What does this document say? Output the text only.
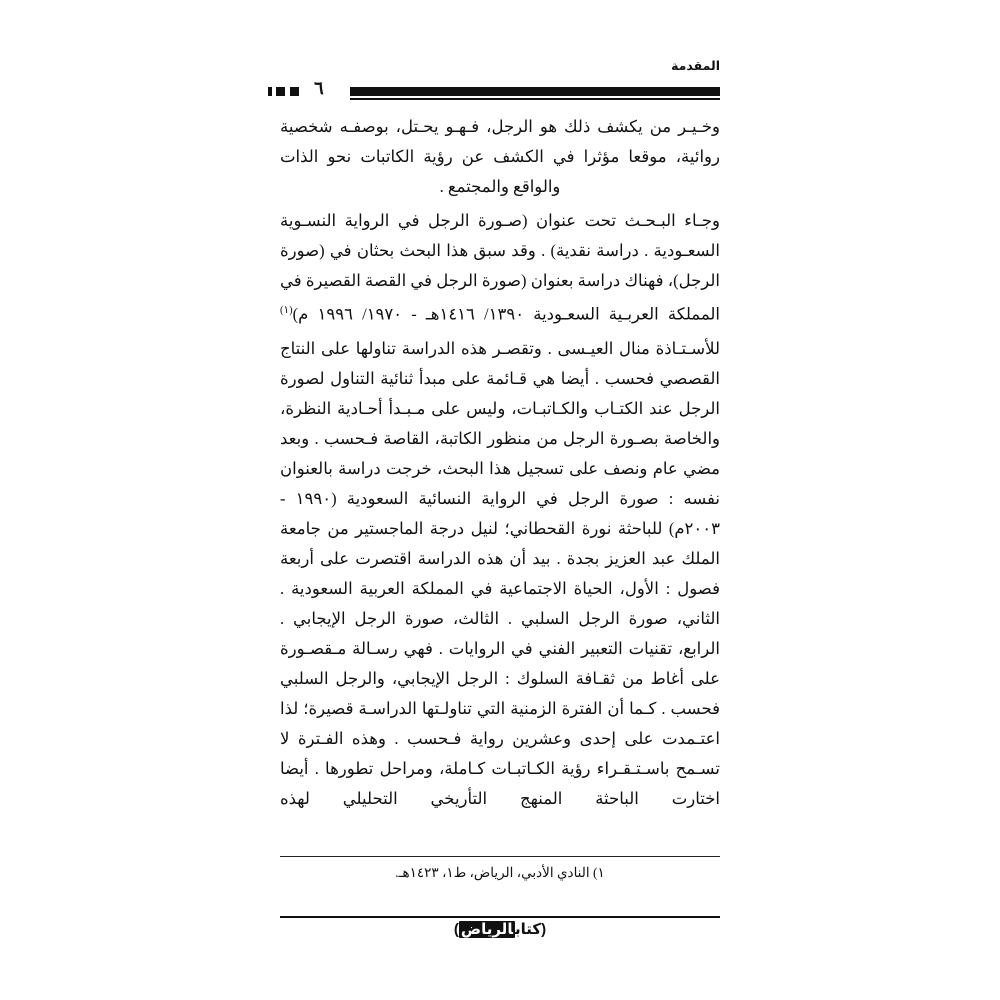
المقدمة
٦

وخـيـر من يكشف ذلك هو الرجل، فـهـو يحـتل، بوصفـه شخصية روائية، موقعا مؤثرا في الكشف عن رؤية الكاتبات نحو الذات والواقع والمجتمع .

وجـاء البـحـث تحت عنوان (صـورة الرجل في الرواية النسـوية السعـودية . دراسة نقدية) . وقد سبق هذا البحث بحثان في (صورة الرجل)، فهناك دراسة بعنوان (صورة الرجل في القصة القصيرة في المملكة العربـية السعـودية ١٣٩٠/ ١٤١٦هـ - ١٩٧٠/ ١٩٩٦ م)$^{(١)}$

للأسـتـاذة منال العيـسى . وتقصـر هذه الدراسة تناولها على النتاج القصصي فحسب . أيضا هي قـائمة على مبدأ ثنائية التناول لصورة الرجل عند الكتـاب والكـاتبـات، وليس على مـبـدأ أحـادية النظرة، والخاصة بصـورة الرجل من منظور الكاتبة، القاصة فـحسب . وبعد مضي عام ونصف على تسجيل هذا البحث، خرجت دراسة بالعنوان نفسه : صورة الرجل في الرواية النسائية السعودية (١٩٩٠ - ٢٠٠٣م) للباحثة نورة القحطاني؛ لنيل درجة الماجستير من جامعة الملك عبد العزيز بجدة . بيد أن هذه الدراسة اقتصرت على أربعة فصول : الأول، الحياة الاجتماعية في المملكة العربية السعودية . الثاني، صورة الرجل السلبي . الثالث، صورة الرجل الإيجابي . الرابع، تقنيات التعبير الفني في الروايات . فهي رسـالة مـقصـورة على أغاط من ثقـافة السلوك : الرجل الإيجابي، والرجل السلبي فحسب . كـما أن الفترة الزمنية التي تناولـتها الدراسـة قصيرة؛ لذا اعتـمدت على إحدى وعشرين رواية فـحسب . وهذه الفـترة لا تسـمح باسـتـقـراء رؤية الكـاتبـات كـاملة، ومراحل تطورها . أيضا اختارت الباحثة المنهج التأريخي التحليلي لهذه

١) النادي الأدبي، الرياض، ط١، ١٤٢٣هـ.
(كتابالرياض)
